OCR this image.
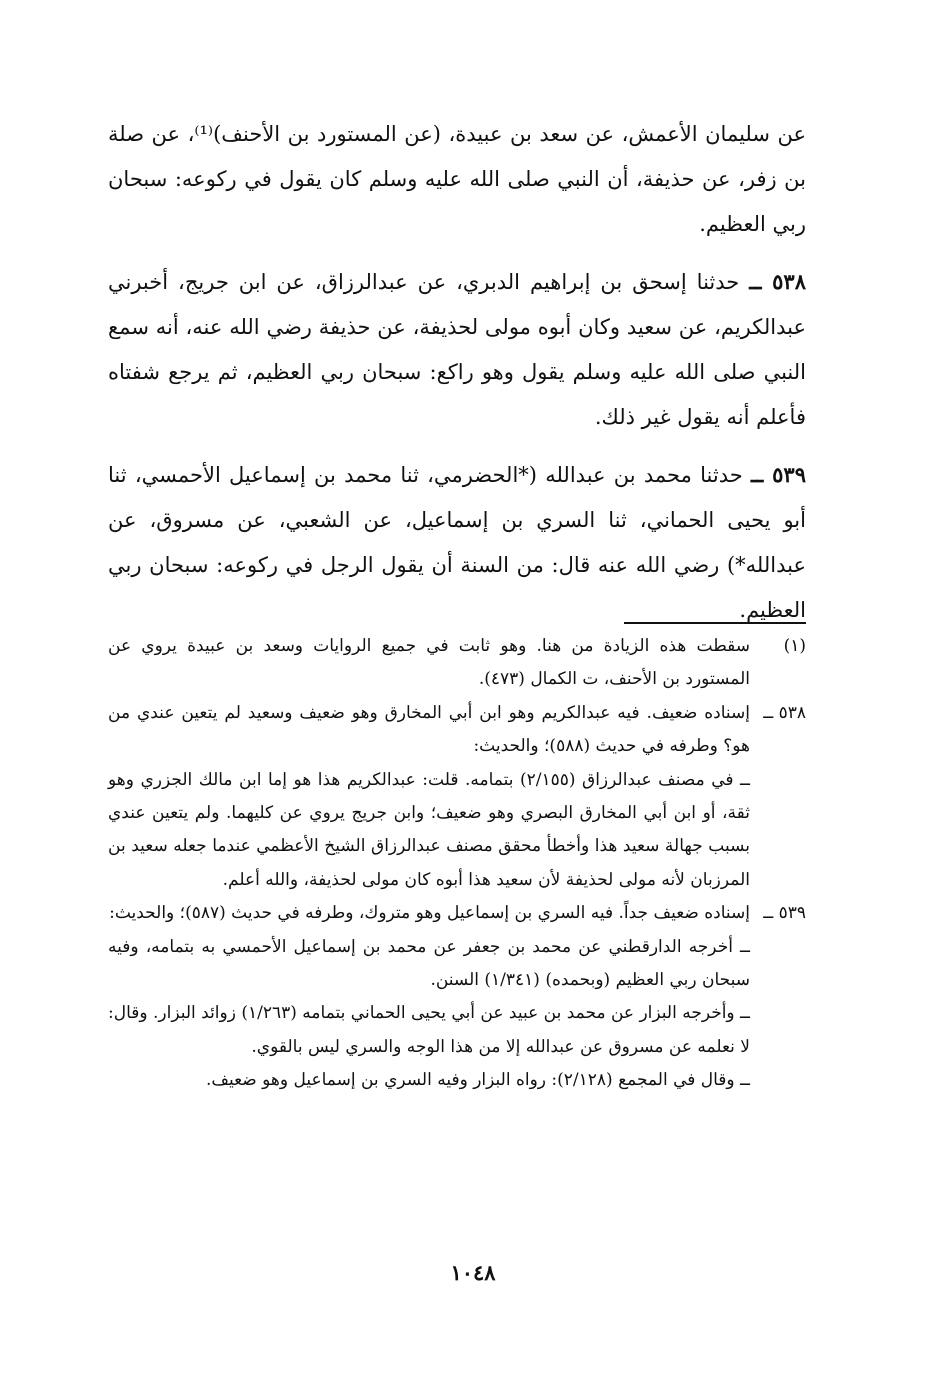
عن سليمان الأعمش، عن سعد بن عبيدة، (عن المستورد بن الأحنف)⁽¹⁾، عن صلة بن زفر، عن حذيفة، أن النبي صلى الله عليه وسلم كان يقول في ركوعه: سبحان ربي العظيم.

٥٣٨ ــ حدثنا إسحق بن إبراهيم الدبري، عن عبدالرزاق، عن ابن جريج، أخبرني عبدالكريم، عن سعيد وكان أبوه مولى لحذيفة، عن حذيفة رضي الله عنه، أنه سمع النبي صلى الله عليه وسلم يقول وهو راكع: سبحان ربي العظيم، ثم يرجع شفتاه فأعلم أنه يقول غير ذلك.

٥٣٩ ــ حدثنا محمد بن عبدالله (*الحضرمي، ثنا محمد بن إسماعيل الأحمسي، ثنا أبو يحيى الحماني، ثنا السري بن إسماعيل، عن الشعبي، عن مسروق، عن عبدالله*) رضي الله عنه قال: من السنة أن يقول الرجل في ركوعه: سبحان ربي العظيم.

(١)

سقطت هذه الزيادة من هنا. وهو ثابت في جميع الروايات وسعد بن عبيدة يروي عن المستورد بن الأحنف، ت الكمال (٤٧٣).

٥٣٨ ــ

إسناده ضعيف. فيه عبدالكريم وهو ابن أبي المخارق وهو ضعيف وسعيد لم يتعين عندي من هو؟ وطرفه في حديث (٥٨٨)؛ والحديث:

ــ في مصنف عبدالرزاق (٢/١٥٥) بتمامه. قلت: عبدالكريم هذا هو إما ابن مالك الجزري وهو ثقة، أو ابن أبي المخارق البصري وهو ضعيف؛ وابن جريج يروي عن كليهما. ولم يتعين عندي بسبب جهالة سعيد هذا وأخطأ محقق مصنف عبدالرزاق الشيخ الأعظمي عندما جعله سعيد بن المرزبان لأنه مولى لحذيفة لأن سعيد هذا أبوه كان مولى لحذيفة، والله أعلم.

٥٣٩ ــ

إسناده ضعيف جداً. فيه السري بن إسماعيل وهو متروك، وطرفه في حديث (٥٨٧)؛ والحديث:

ــ أخرجه الدارقطني عن محمد بن جعفر عن محمد بن إسماعيل الأحمسي به بتمامه، وفيه سبحان ربي العظيم (وبحمده) (١/٣٤١) السنن.

ــ وأخرجه البزار عن محمد بن عبيد عن أبي يحيى الحماني بتمامه (١/٢٦٣) زوائد البزار. وقال: لا نعلمه عن مسروق عن عبدالله إلا من هذا الوجه والسري ليس بالقوي.

ــ وقال في المجمع (٢/١٢٨): رواه البزار وفيه السري بن إسماعيل وهو ضعيف.

١٠٤٨
